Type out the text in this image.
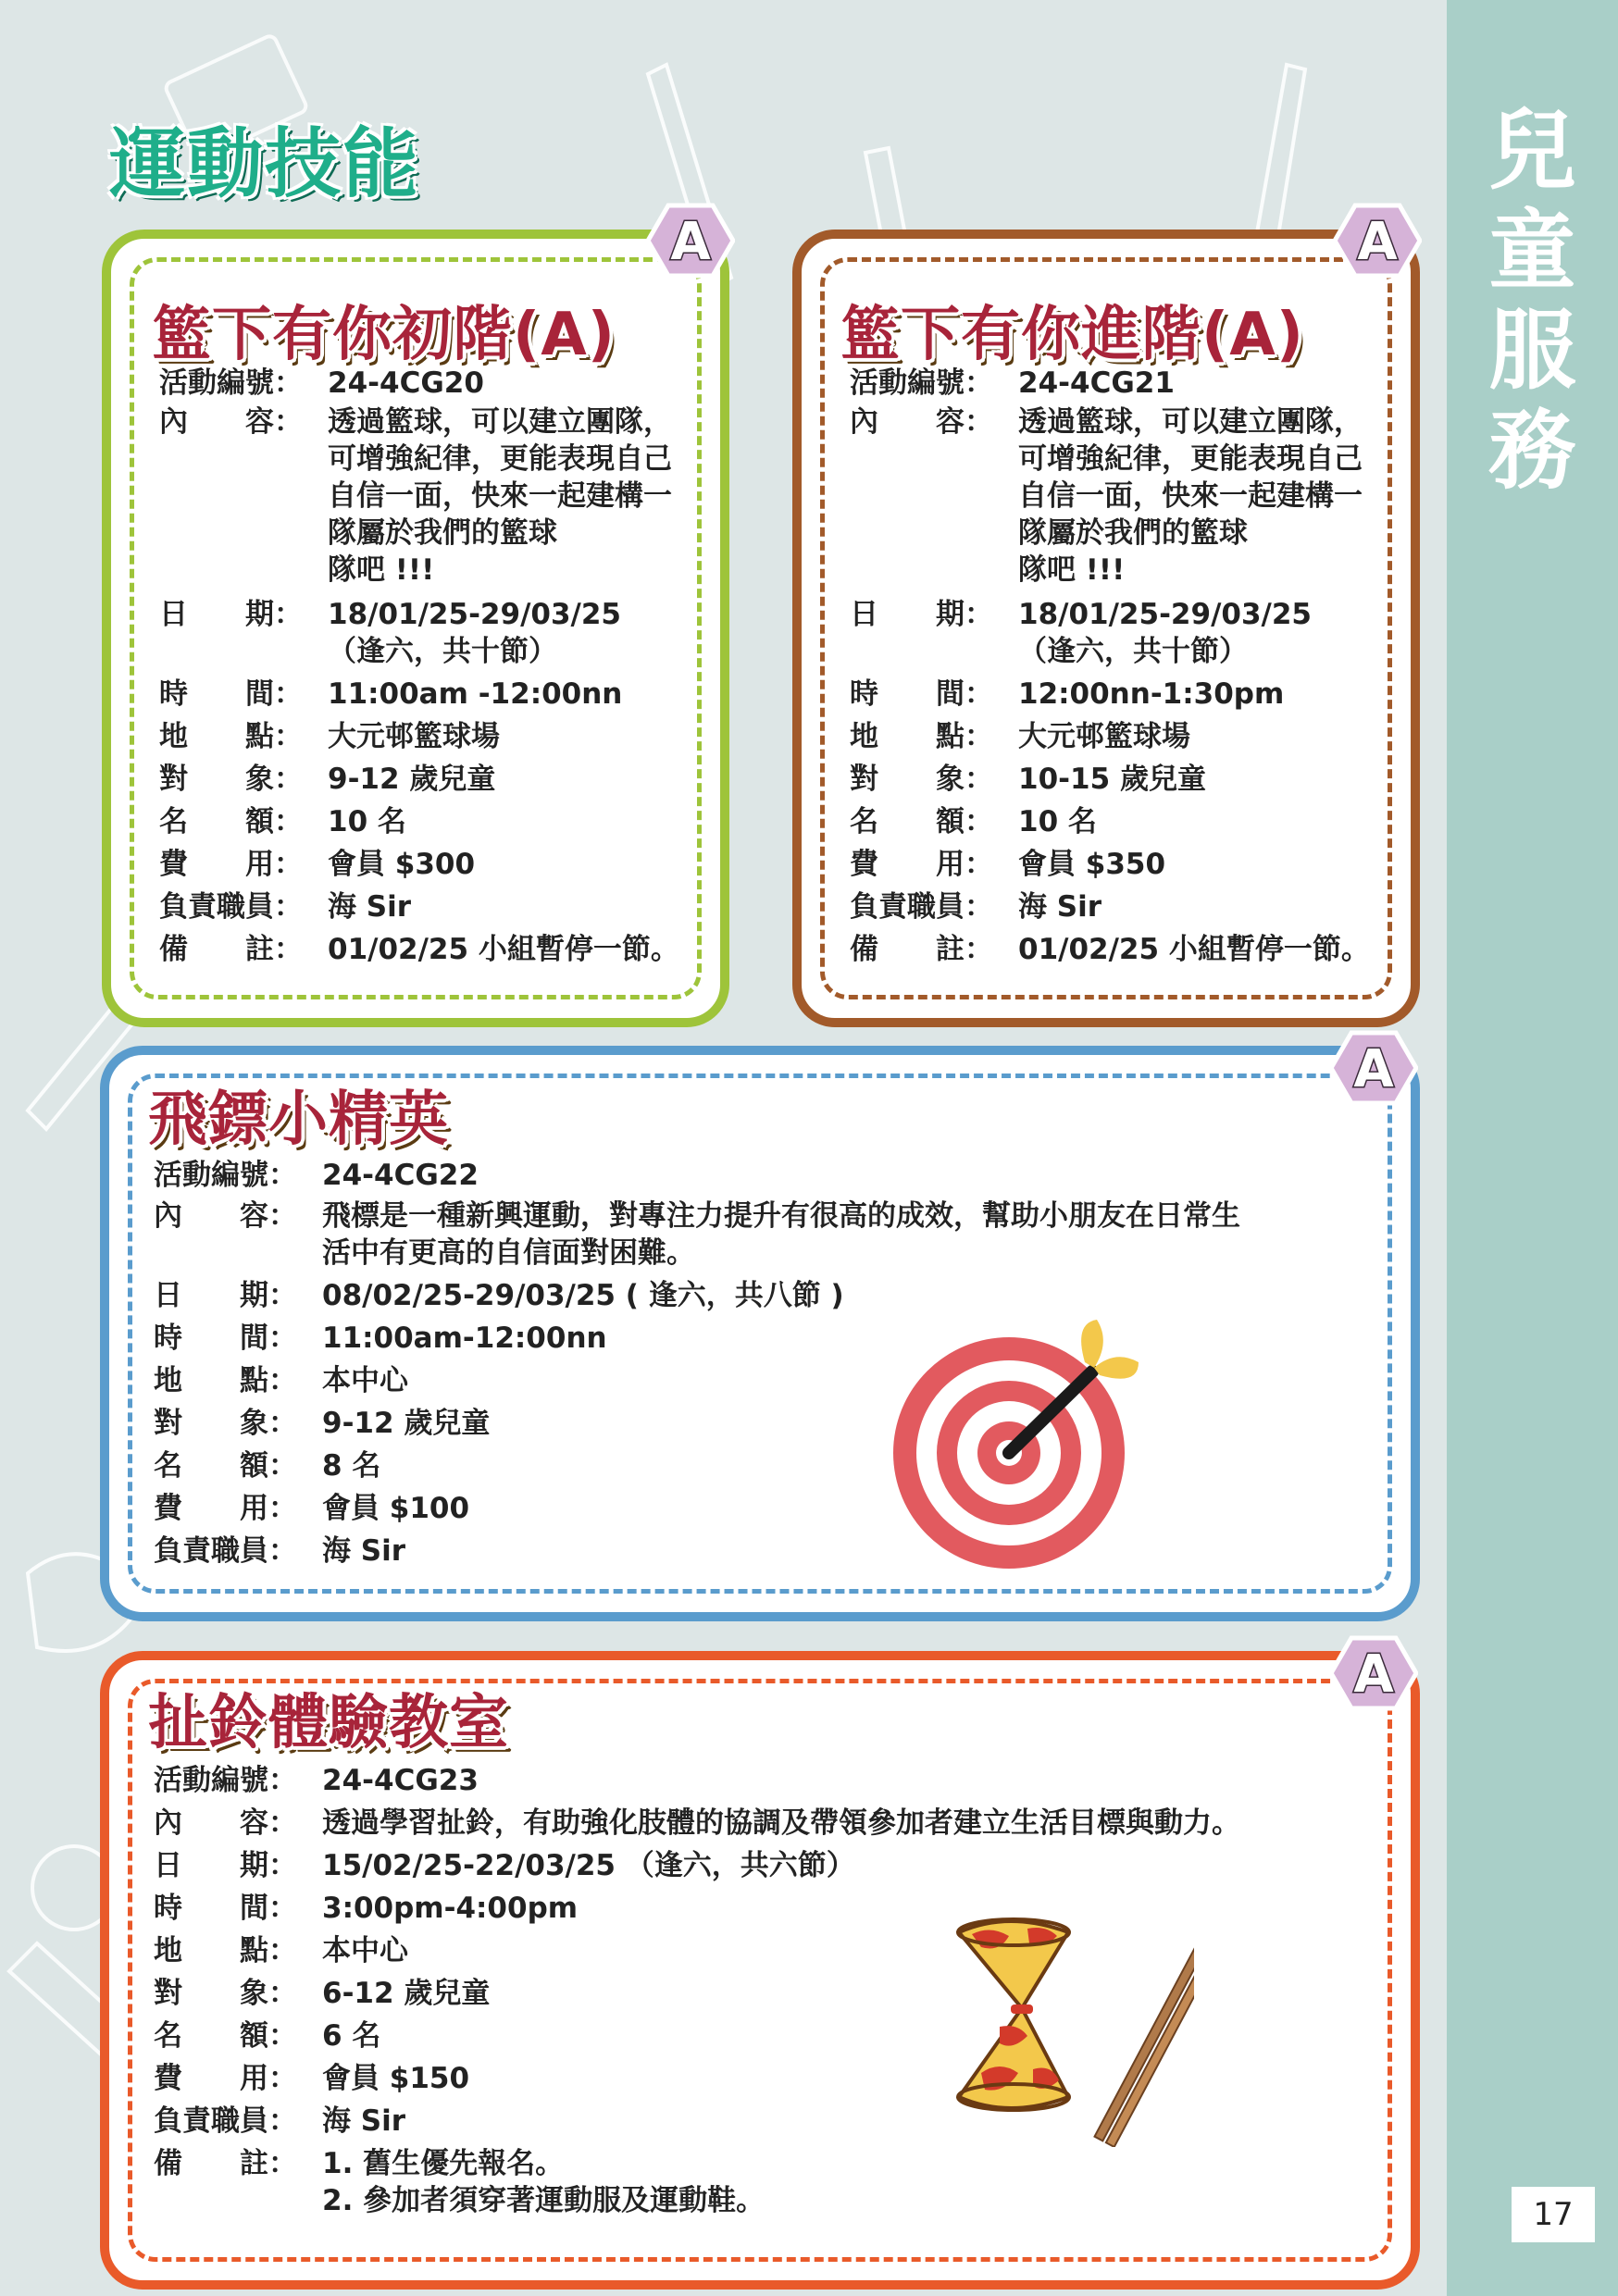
兒
童
服
務
17
運動技能
A	A
A
A
籃下有你初階(A)	籃下有你進階(A)
飛鏢小精英
扯鈴體驗教室
活動編號： 24-4CG20
內　　容： 透過籃球，可以建立團隊，
可增強紀律，更能表現自己
自信一面，快來一起建構一
隊屬於我們的籃球
隊吧 !!!
日　　期： 18/01/25-29/03/25
（逢六，共十節）
時　　間： 11:00am -12:00nn
地　　點： 大元邨籃球場
對　　象： 9-12 歲兒童
名　　額： 10 名
費　　用： 會員 $300
負責職員： 海 Sir
備　　註： 01/02/25 小組暫停一節。
活動編號： 24-4CG21
內　　容： 透過籃球，可以建立團隊，
可增強紀律，更能表現自己
自信一面，快來一起建構一
隊屬於我們的籃球
隊吧 !!!
日　　期： 18/01/25-29/03/25
（逢六，共十節）
時　　間： 12:00nn-1:30pm
地　　點： 大元邨籃球場
對　　象： 10-15 歲兒童
名　　額： 10 名
費　　用： 會員 $350
負責職員： 海 Sir
備　　註： 01/02/25 小組暫停一節。
活動編號： 24-4CG22
內　　容： 飛標是一種新興運動，對專注力提升有很高的成效，幫助小朋友在日常生
活中有更高的自信面對困難。
日　　期： 08/02/25-29/03/25 ( 逢六，共八節 )
時　　間： 11:00am-12:00nn
地　　點： 本中心
對　　象： 9-12 歲兒童
名　　額： 8 名
費　　用： 會員 $100
負責職員： 海 Sir
活動編號： 24-4CG23
內　　容： 透過學習扯鈴，有助強化肢體的協調及帶領參加者建立生活目標與動力。
日　　期： 15/02/25-22/03/25 （逢六，共六節）
時　　間： 3:00pm-4:00pm
地　　點： 本中心
對　　象： 6-12 歲兒童
名　　額： 6 名
費　　用： 會員 $150
負責職員： 海 Sir
備　　註： 1. 舊生優先報名。
2. 參加者須穿著運動服及運動鞋。
